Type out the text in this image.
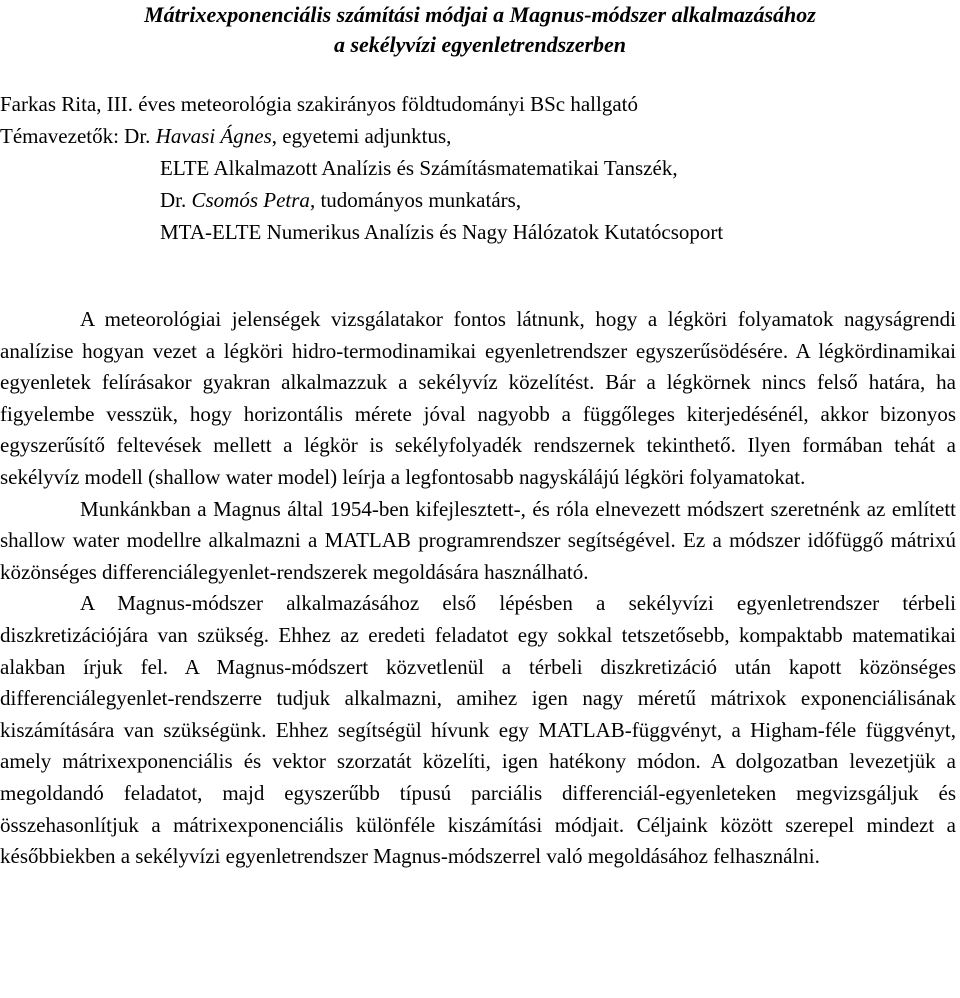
Mátrixexponenciális számítási módjai a Magnus-módszer alkalmazásához
a sekélyvízi egyenletrendszerben
Farkas Rita, III. éves meteorológia szakirányos földtudományi BSc hallgató
Témavezetők: Dr. Havasi Ágnes, egyetemi adjunktus,
ELTE Alkalmazott Analízis és Számításmatematikai Tanszék,
Dr. Csomós Petra, tudományos munkatárs,
MTA-ELTE Numerikus Analízis és Nagy Hálózatok Kutatócsoport

A meteorológiai jelenségek vizsgálatakor fontos látnunk, hogy a légköri folyamatok nagyságrendi analízise hogyan vezet a légköri hidro-termodinamikai egyenletrendszer egyszerűsödésére. A légkördinamikai egyenletek felírásakor gyakran alkalmazzuk a sekélyvíz közelítést. Bár a légkörnek nincs felső határa, ha figyelembe vesszük, hogy horizontális mérete jóval nagyobb a függőleges kiterjedésénél, akkor bizonyos egyszerűsítő feltevések mellett a légkör is sekélyfolyadék rendszernek tekinthető. Ilyen formában tehát a sekélyvíz modell (shallow water model) leírja a legfontosabb nagyskálájú légköri folyamatokat.

Munkánkban a Magnus által 1954-ben kifejlesztett-, és róla elnevezett módszert szeretnénk az említett shallow water modellre alkalmazni a MATLAB programrendszer segítségével. Ez a módszer időfüggő mátrixú közönséges differenciálegyenlet-rendszerek megoldására használható.

A Magnus-módszer alkalmazásához első lépésben a sekélyvízi egyenletrendszer térbeli diszkretizációjára van szükség. Ehhez az eredeti feladatot egy sokkal tetszetősebb, kompaktabb matematikai alakban írjuk fel. A Magnus-módszert közvetlenül a térbeli diszkretizáció után kapott közönséges differenciálegyenlet-rendszerre tudjuk alkalmazni, amihez igen nagy méretű mátrixok exponenciálisának kiszámítására van szükségünk. Ehhez segítségül hívunk egy MATLAB-függvényt, a Higham-féle függvényt, amely mátrixexponenciális és vektor szorzatát közelíti, igen hatékony módon. A dolgozatban levezetjük a megoldandó feladatot, majd egyszerűbb típusú parciális differenciál-egyenleteken megvizsgáljuk és összehasonlítjuk a mátrixexponenciális különféle kiszámítási módjait. Céljaink között szerepel mindezt a későbbiekben a sekélyvízi egyenletrendszer Magnus-módszerrel való megoldásához felhasználni.
